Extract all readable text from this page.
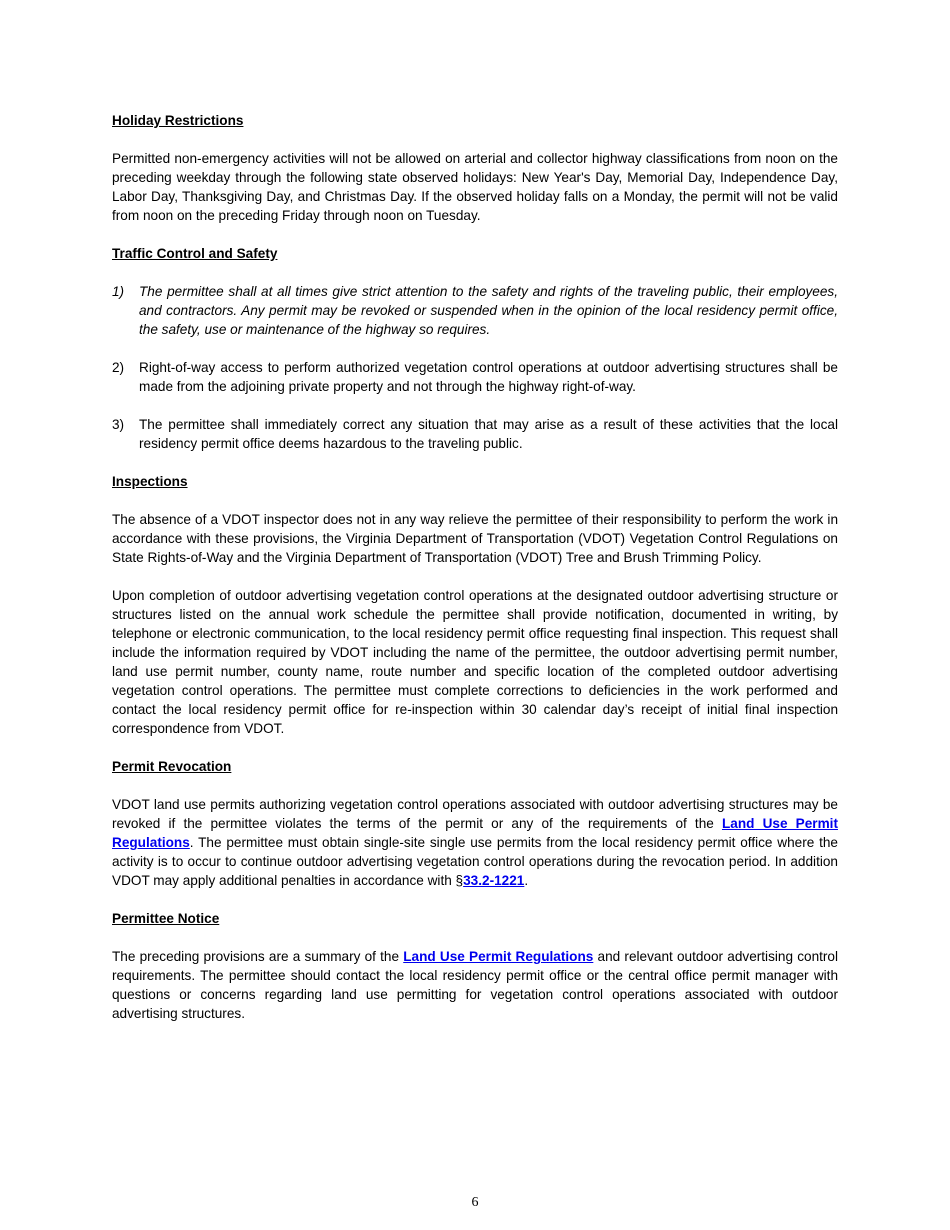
Holiday Restrictions

Permitted non-emergency activities will not be allowed on arterial and collector highway classifications from noon on the preceding weekday through the following state observed holidays: New Year's Day, Memorial Day, Independence Day, Labor Day, Thanksgiving Day, and Christmas Day. If the observed holiday falls on a Monday, the permit will not be valid from noon on the preceding Friday through noon on Tuesday.

Traffic Control and Safety
1)	The permittee shall at all times give strict attention to the safety and rights of the traveling public, their employees, and contractors. Any permit may be revoked or suspended when in the opinion of the local residency permit office, the safety, use or maintenance of the highway so requires.
2)	Right-of-way access to perform authorized vegetation control operations at outdoor advertising structures shall be made from the adjoining private property and not through the highway right-of-way.
3)	The permittee shall immediately correct any situation that may arise as a result of these activities that the local residency permit office deems hazardous to the traveling public.
Inspections

The absence of a VDOT inspector does not in any way relieve the permittee of their responsibility to perform the work in accordance with these provisions, the Virginia Department of Transportation (VDOT) Vegetation Control Regulations on State Rights-of-Way and the Virginia Department of Transportation (VDOT) Tree and Brush Trimming Policy.

Upon completion of outdoor advertising vegetation control operations at the designated outdoor advertising structure or structures listed on the annual work schedule the permittee shall provide notification, documented in writing, by telephone or electronic communication, to the local residency permit office requesting final inspection. This request shall include the information required by VDOT including the name of the permittee, the outdoor advertising permit number, land use permit number, county name, route number and specific location of the completed outdoor advertising vegetation control operations. The permittee must complete corrections to deficiencies in the work performed and contact the local residency permit office for re-inspection within 30 calendar day’s receipt of initial final inspection correspondence from VDOT.

Permit Revocation

VDOT land use permits authorizing vegetation control operations associated with outdoor advertising structures may be revoked if the permittee violates the terms of the permit or any of the requirements of the Land Use Permit Regulations. The permittee must obtain single-site single use permits from the local residency permit office where the activity is to occur to continue outdoor advertising vegetation control operations during the revocation period. In addition VDOT may apply additional penalties in accordance with §33.2-1221.

Permittee Notice

The preceding provisions are a summary of the Land Use Permit Regulations and relevant outdoor advertising control requirements. The permittee should contact the local residency permit office or the central office permit manager with questions or concerns regarding land use permitting for vegetation control operations associated with outdoor advertising structures.

6
